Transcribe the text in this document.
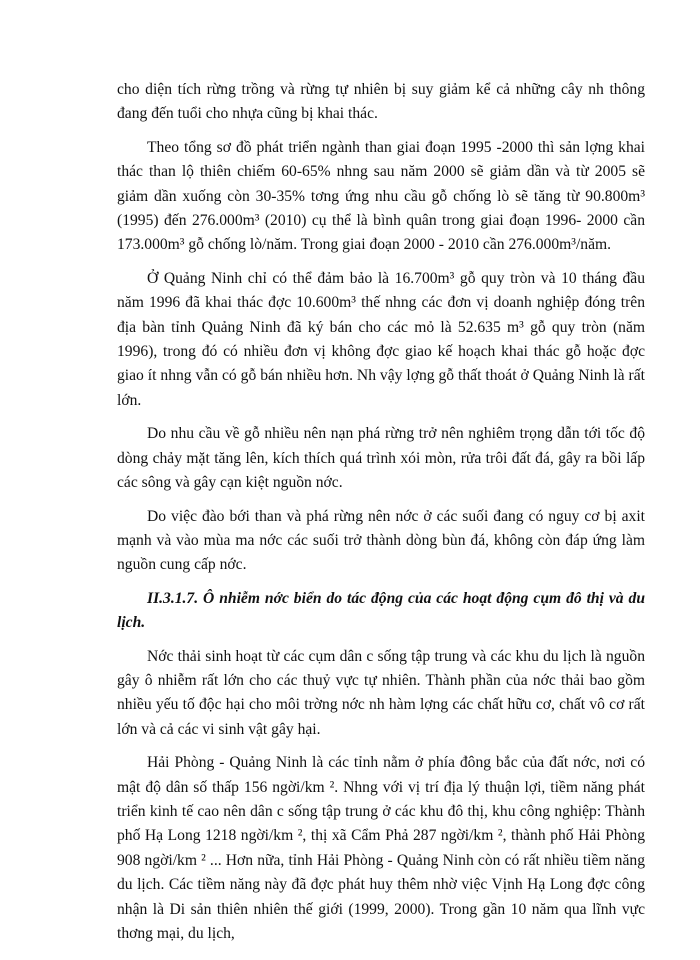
cho diện tích rừng trồng và rừng tự nhiên bị suy giảm kể cả những cây nh thông đang đến tuổi cho nhựa cũng bị khai thác.

Theo tổng sơ đồ phát triển ngành than giai đoạn 1995 -2000 thì sản lợng khai thác than lộ thiên chiếm 60-65% nhng sau năm 2000 sẽ giảm dần và từ 2005 sẽ giảm dần xuống còn 30-35% tơng ứng nhu cầu gỗ chống lò sẽ tăng từ 90.800m³ (1995) đến 276.000m³ (2010) cụ thể là bình quân trong giai đoạn 1996- 2000 cần 173.000m³ gỗ chống lò/năm. Trong giai đoạn 2000 - 2010 cần 276.000m³/năm.

Ở Quảng Ninh chỉ có thể đảm bảo là 16.700m³ gỗ quy tròn và 10 tháng đầu năm 1996 đã khai thác đợc 10.600m³ thế nhng các đơn vị doanh nghiệp đóng trên địa bàn tỉnh Quảng Ninh đã ký bán cho các mỏ là 52.635 m³ gỗ quy tròn (năm 1996), trong đó có nhiều đơn vị không đợc giao kế hoạch khai thác gỗ hoặc đợc giao ít nhng vẫn có gỗ bán nhiều hơn. Nh vậy lợng gỗ thất thoát ở Quảng Ninh là rất lớn.

Do nhu cầu về gỗ nhiều nên nạn phá rừng trở nên nghiêm trọng dẫn tới tốc độ dòng chảy mặt tăng lên, kích thích quá trình xói mòn, rửa trôi đất đá, gây ra bồi lấp các sông và gây cạn kiệt nguồn nớc.

Do việc đào bới than và phá rừng nên nớc ở các suối đang có nguy cơ bị axit mạnh và vào mùa ma nớc các suối trở thành dòng bùn đá, không còn đáp ứng làm nguồn cung cấp nớc.

II.3.1.7. Ô nhiễm nớc biển do tác động của các hoạt động cụm đô thị và du lịch.

Nớc thải sinh hoạt từ các cụm dân c sống tập trung và các khu du lịch là nguồn gây ô nhiễm rất lớn cho các thuỷ vực tự nhiên. Thành phần của nớc thải bao gồm nhiều yếu tố độc hại cho môi trờng nớc nh hàm lợng các chất hữu cơ, chất vô cơ rất lớn và cả các vi sinh vật gây hại.

Hải Phòng - Quảng Ninh là các tỉnh nằm ở phía đông bắc của đất nớc, nơi có mật độ dân số thấp 156 ngời/km ². Nhng với vị trí địa lý thuận lợi, tiềm năng phát triển kinh tế cao nên dân c sống tập trung ở các khu đô thị, khu công nghiệp: Thành phố Hạ Long 1218 ngời/km ², thị xã Cẩm Phả 287 ngời/km ², thành phố Hải Phòng 908 ngời/km ² ... Hơn nữa, tỉnh Hải Phòng - Quảng Ninh còn có rất nhiều tiềm năng du lịch. Các tiềm năng này đã đợc phát huy thêm nhờ việc Vịnh Hạ Long đợc công nhận là Di sản thiên nhiên thế giới (1999, 2000). Trong gần 10 năm qua lĩnh vực thơng mại, du lịch,
